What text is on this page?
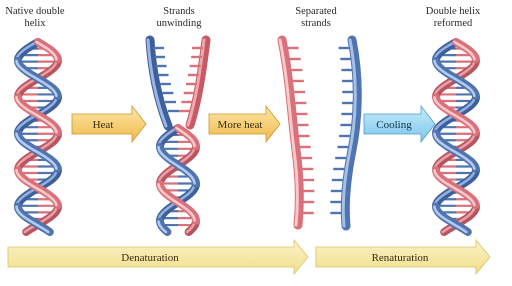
Native double helix
Strands unwinding
Separated strands
Double helix reformed
Heat	More heat	Cooling
Denaturation	Renaturation
